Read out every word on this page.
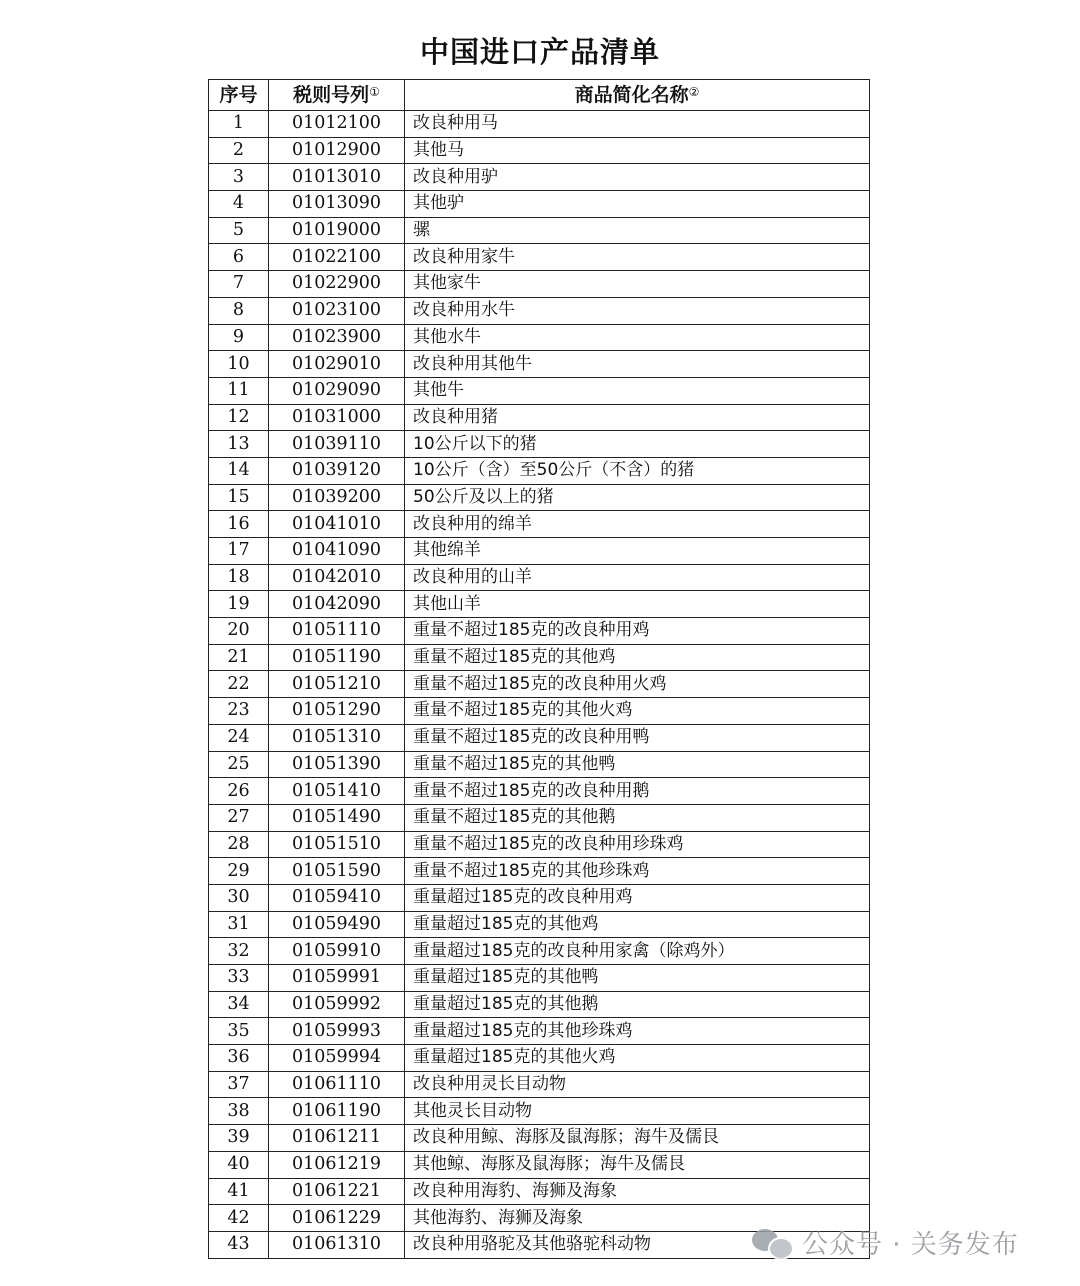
中国进口产品清单
序号	税则号列①	商品简化名称②
1	01012100	改良种用马
2	01012900	其他马
3	01013010	改良种用驴
4	01013090	其他驴
5	01019000	骡
6	01022100	改良种用家牛
7	01022900	其他家牛
8	01023100	改良种用水牛
9	01023900	其他水牛
10	01029010	改良种用其他牛
11	01029090	其他牛
12	01031000	改良种用猪
13	01039110	10公斤以下的猪
14	01039120	10公斤（含）至50公斤（不含）的猪
15	01039200	50公斤及以上的猪
16	01041010	改良种用的绵羊
17	01041090	其他绵羊
18	01042010	改良种用的山羊
19	01042090	其他山羊
20	01051110	重量不超过185克的改良种用鸡
21	01051190	重量不超过185克的其他鸡
22	01051210	重量不超过185克的改良种用火鸡
23	01051290	重量不超过185克的其他火鸡
24	01051310	重量不超过185克的改良种用鸭
25	01051390	重量不超过185克的其他鸭
26	01051410	重量不超过185克的改良种用鹅
27	01051490	重量不超过185克的其他鹅
28	01051510	重量不超过185克的改良种用珍珠鸡
29	01051590	重量不超过185克的其他珍珠鸡
30	01059410	重量超过185克的改良种用鸡
31	01059490	重量超过185克的其他鸡
32	01059910	重量超过185克的改良种用家禽（除鸡外）
33	01059991	重量超过185克的其他鸭
34	01059992	重量超过185克的其他鹅
35	01059993	重量超过185克的其他珍珠鸡
36	01059994	重量超过185克的其他火鸡
37	01061110	改良种用灵长目动物
38	01061190	其他灵长目动物
39	01061211	改良种用鲸、海豚及鼠海豚；海牛及儒艮
40	01061219	其他鲸、海豚及鼠海豚；海牛及儒艮
41	01061221	改良种用海豹、海狮及海象
42	01061229	其他海豹、海狮及海象
43	01061310	改良种用骆驼及其他骆驼科动物	公众号 · 关务发布
